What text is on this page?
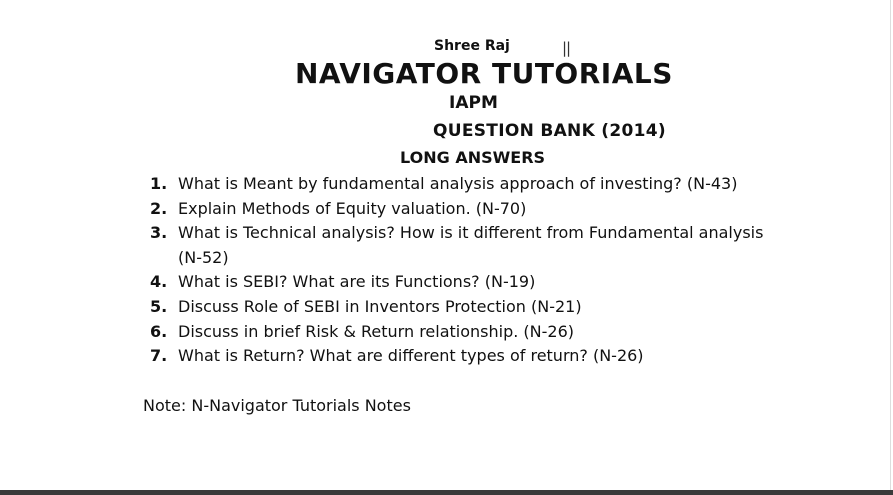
Shree Raj	||
NAVIGATOR TUTORIALS
IAPM
QUESTION BANK (2014)
LONG ANSWERS
1. What is Meant by fundamental analysis approach of investing? (N-43)
2. Explain Methods of Equity valuation. (N-70)
3. What is Technical analysis? How is it different from Fundamental analysis (N-52)
4. What is SEBI? What are its Functions? (N-19)
5. Discuss Role of SEBI in Inventors Protection (N-21)
6. Discuss in brief Risk & Return relationship. (N-26)
7. What is Return? What are different types of return? (N-26)
Note: N-Navigator Tutorials Notes
